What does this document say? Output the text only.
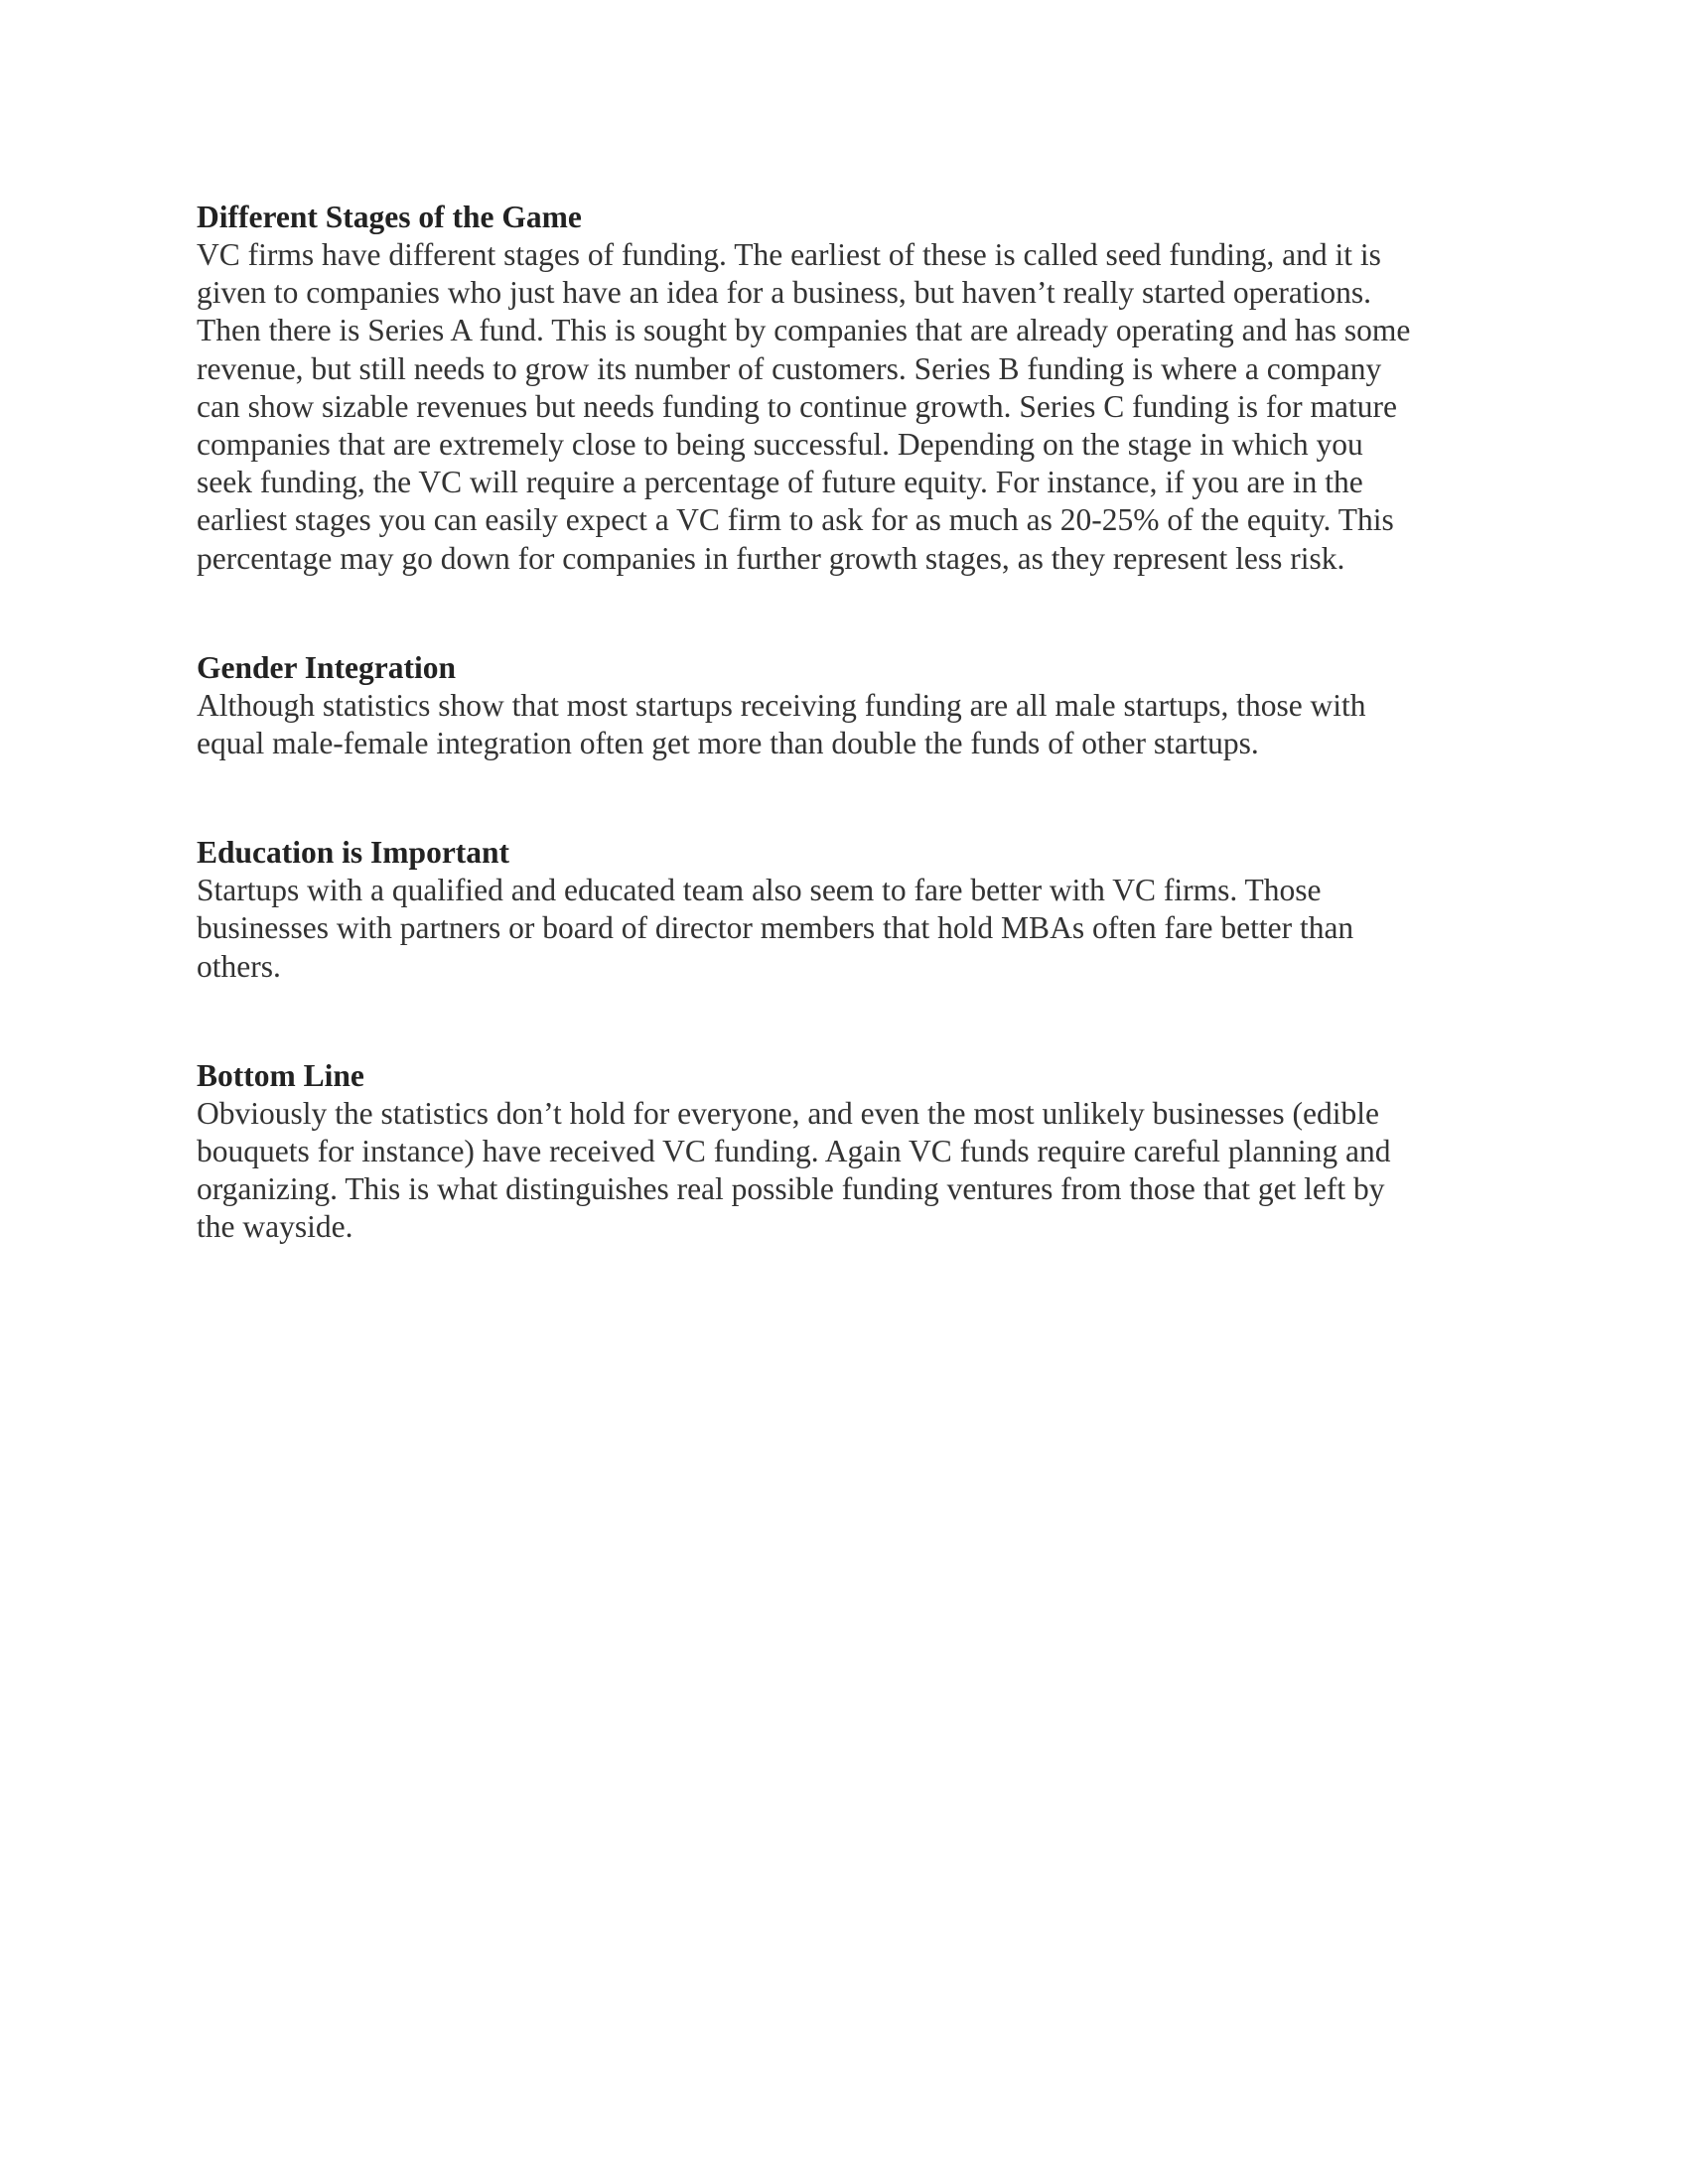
Different Stages of the Game

VC firms have different stages of funding. The earliest of these is called seed funding, and it is
given to companies who just have an idea for a business, but haven’t really started operations.
Then there is Series A fund. This is sought by companies that are already operating and has some
revenue, but still needs to grow its number of customers. Series B funding is where a company
can show sizable revenues but needs funding to continue growth. Series C funding is for mature
companies that are extremely close to being successful. Depending on the stage in which you
seek funding, the VC will require a percentage of future equity. For instance, if you are in the
earliest stages you can easily expect a VC firm to ask for as much as 20-25% of the equity. This
percentage may go down for companies in further growth stages, as they represent less risk.

Gender Integration

Although statistics show that most startups receiving funding are all male startups, those with
equal male-female integration often get more than double the funds of other startups.

Education is Important

Startups with a qualified and educated team also seem to fare better with VC firms. Those
businesses with partners or board of director members that hold MBAs often fare better than
others.

Bottom Line

Obviously the statistics don’t hold for everyone, and even the most unlikely businesses (edible
bouquets for instance) have received VC funding. Again VC funds require careful planning and
organizing. This is what distinguishes real possible funding ventures from those that get left by
the wayside.
